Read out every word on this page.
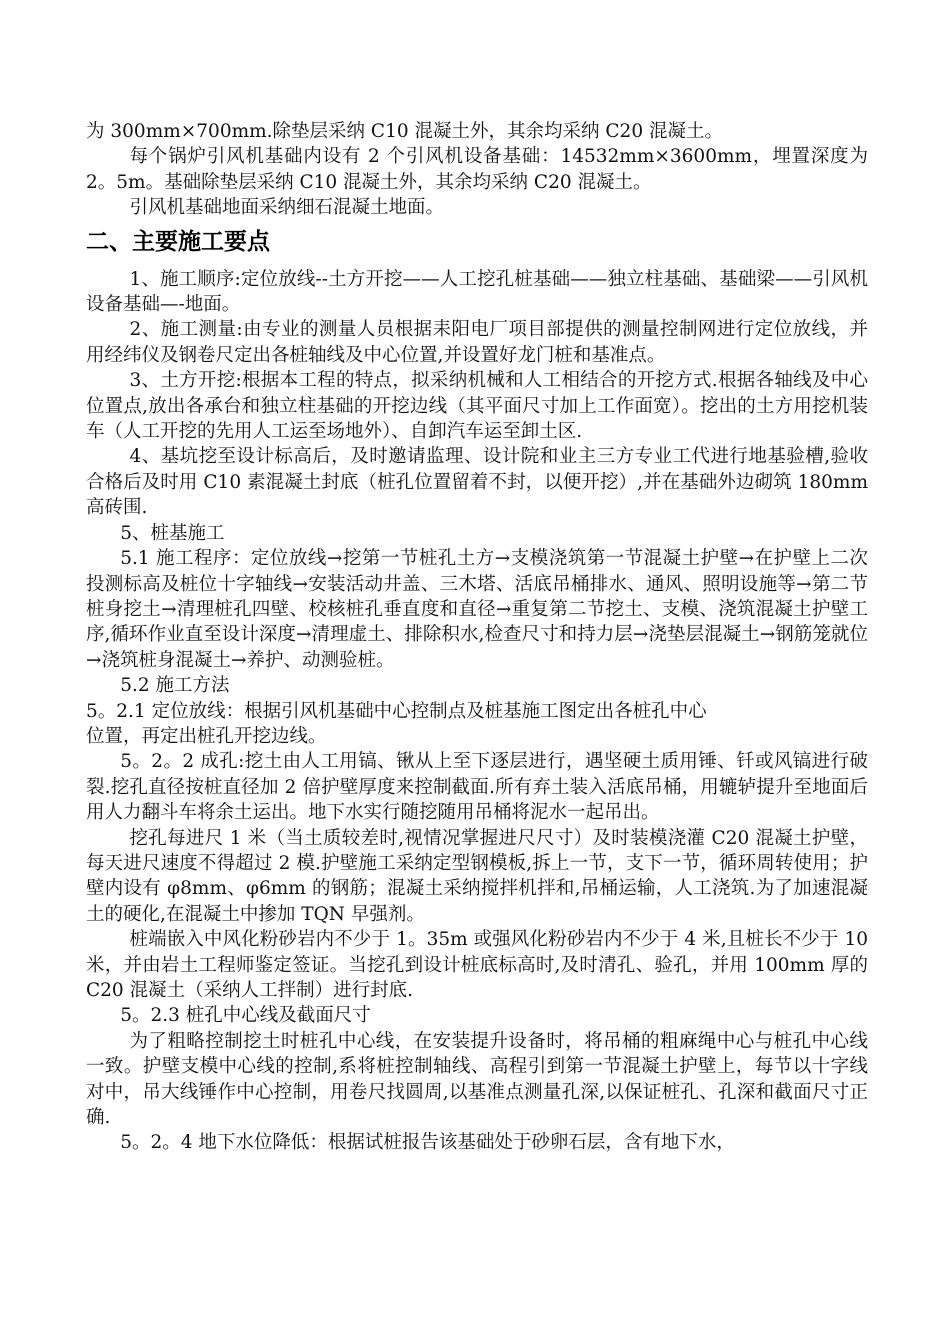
为 300mm×700mm.除垫层采纳 C10 混凝土外，其余均采纳 C20 混凝土。

每个锅炉引风机基础内设有 2 个引风机设备基础：14532mm×3600mm，埋置深度为 2。5m。基础除垫层采纳 C10 混凝土外，其余均采纳 C20 混凝土。

引风机基础地面采纳细石混凝土地面。

二、主要施工要点

1、施工顺序:定位放线--土方开挖——人工挖孔桩基础——独立柱基础、基础梁——引风机设备基础—-地面。

2、施工测量:由专业的测量人员根据耒阳电厂项目部提供的测量控制网进行定位放线，并用经纬仪及钢卷尺定出各桩轴线及中心位置,并设置好龙门桩和基准点。

3、土方开挖:根据本工程的特点，拟采纳机械和人工相结合的开挖方式.根据各轴线及中心位置点,放出各承台和独立柱基础的开挖边线（其平面尺寸加上工作面宽）。挖出的土方用挖机装车（人工开挖的先用人工运至场地外）、自卸汽车运至卸土区.

4、基坑挖至设计标高后，及时邀请监理、设计院和业主三方专业工代进行地基验槽,验收合格后及时用 C10 素混凝土封底（桩孔位置留着不封，以便开挖）,并在基础外边砌筑 180mm 高砖围.

5、桩基施工

5.1 施工程序：定位放线→挖第一节桩孔土方→支模浇筑第一节混凝土护壁→在护壁上二次投测标高及桩位十字轴线→安装活动井盖、三木塔、活底吊桶排水、通风、照明设施等→第二节桩身挖土→清理桩孔四壁、校核桩孔垂直度和直径→重复第二节挖土、支模、浇筑混凝土护壁工序,循环作业直至设计深度→清理虚土、排除积水,检查尺寸和持力层→浇垫层混凝土→钢筋笼就位→浇筑桩身混凝土→养护、动测验桩。

5.2 施工方法

5。2.1 定位放线：根据引风机基础中心控制点及桩基施工图定出各桩孔中心

位置，再定出桩孔开挖边线。

5。2。2 成孔:挖土由人工用镐、锹从上至下逐层进行，遇坚硬土质用锤、钎或风镐进行破裂.挖孔直径按桩直径加 2 倍护壁厚度来控制截面.所有弃土装入活底吊桶，用辘轳提升至地面后用人力翻斗车将余土运出。地下水实行随挖随用吊桶将泥水一起吊出。

挖孔每进尺 1 米（当土质较差时,视情况掌握进尺尺寸）及时装模浇灌 C20 混凝土护壁，每天进尺速度不得超过 2 模.护壁施工采纳定型钢模板,拆上一节，支下一节，循环周转使用；护壁内设有 φ8mm、φ6mm 的钢筋；混凝土采纳搅拌机拌和,吊桶运输，人工浇筑.为了加速混凝土的硬化,在混凝土中掺加 TQN 早强剂。

桩端嵌入中风化粉砂岩内不少于 1。35m 或强风化粉砂岩内不少于 4 米,且桩长不少于 10 米，并由岩土工程师鉴定签证。当挖孔到设计桩底标高时,及时清孔、验孔，并用 100mm 厚的C20 混凝土（采纳人工拌制）进行封底.

5。2.3 桩孔中心线及截面尺寸

为了粗略控制挖土时桩孔中心线，在安装提升设备时，将吊桶的粗麻绳中心与桩孔中心线一致。护壁支模中心线的控制,系将桩控制轴线、高程引到第一节混凝土护壁上，每节以十字线对中，吊大线锤作中心控制，用卷尺找圆周,以基准点测量孔深,以保证桩孔、孔深和截面尺寸正确.

5。2。4 地下水位降低：根据试桩报告该基础处于砂卵石层，含有地下水，
